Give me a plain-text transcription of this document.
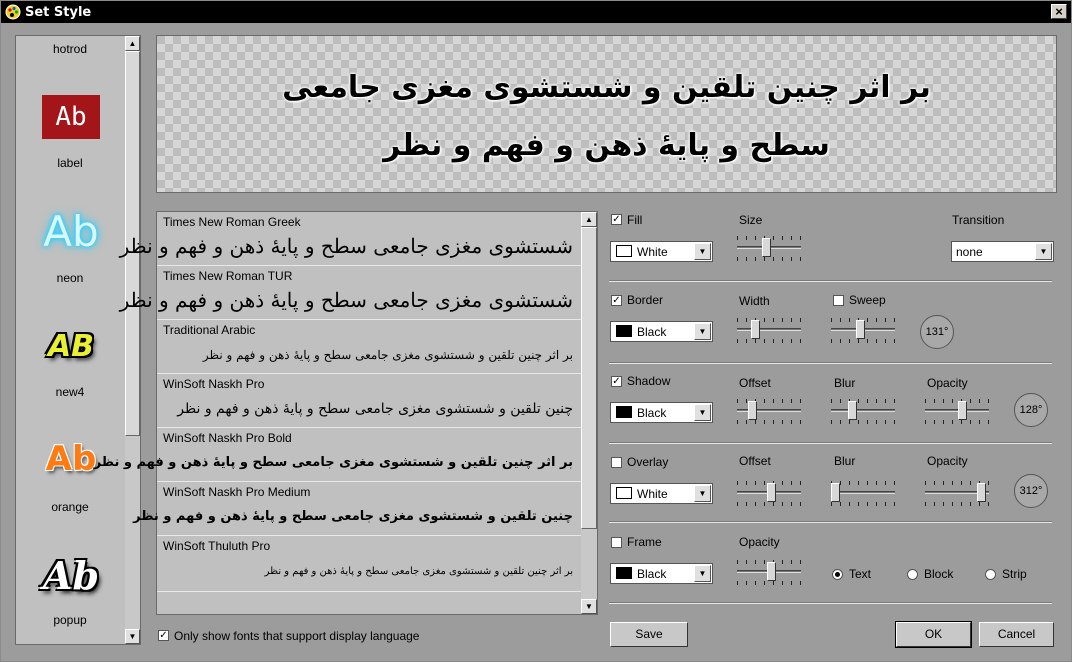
Set Style	×
hotrod
Ab
label
Ab
neon
AB
new4
Ab
orange
Ab
popup
▲
▼
بر اثر چنین تلقین و شستشوی مغزی جامعی
سطح و پایهٔ ذهن و فهم و نظر
Times New Roman Greek
شستشوی مغزی جامعی سطح و پایهٔ ذهن و فهم و نظر
Times New Roman TUR
شستشوی مغزی جامعی سطح و پایهٔ ذهن و فهم و نظر
Traditional Arabic
بر اثر چنین تلقین و شستشوی مغزی جامعی سطح و پایهٔ ذهن و فهم و نظر
WinSoft Naskh Pro
چنین تلقین و شستشوی مغزی جامعی سطح و پایهٔ ذهن و فهم و نظر
WinSoft Naskh Pro Bold
بر اثر چنین تلقین و شستشوی مغزی جامعی سطح و پایهٔ ذهن و فهم و نظر
WinSoft Naskh Pro Medium
چنین تلقین و شستشوی مغزی جامعی سطح و پایهٔ ذهن و فهم و نظر
WinSoft Thuluth Pro
بر اثر چنین تلقین و شستشوی مغزی جامعی سطح و پایهٔ ذهن و فهم و نظر
▲
▼
✓ Only show fonts that support display language
✓ Fill
White	▼
Size	Transition
none	▼
✓ Border
Black	▼
Width	Sweep
131°
✓ Shadow
Black	▼
Offset	Blur	Opacity
128°
Overlay
White	▼
Offset	Blur	Opacity
312°
Frame
Black	▼
Opacity
Text	Block	Strip
Save	OK	Cancel
